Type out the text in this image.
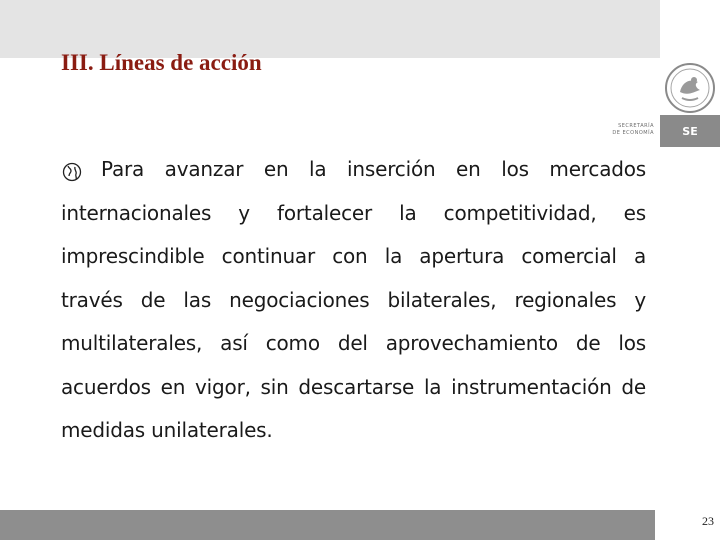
III. Líneas de acción
SECRETARÍA
DE ECONOMÍA	SE
Para avanzar en la inserción en los mercados internacionales y fortalecer la competitividad, es imprescindible continuar con la apertura comercial a través de las negociaciones bilaterales, regionales y multilaterales, así como del aprovechamiento de los acuerdos en vigor, sin descartarse la instrumentación de medidas unilaterales.
23
